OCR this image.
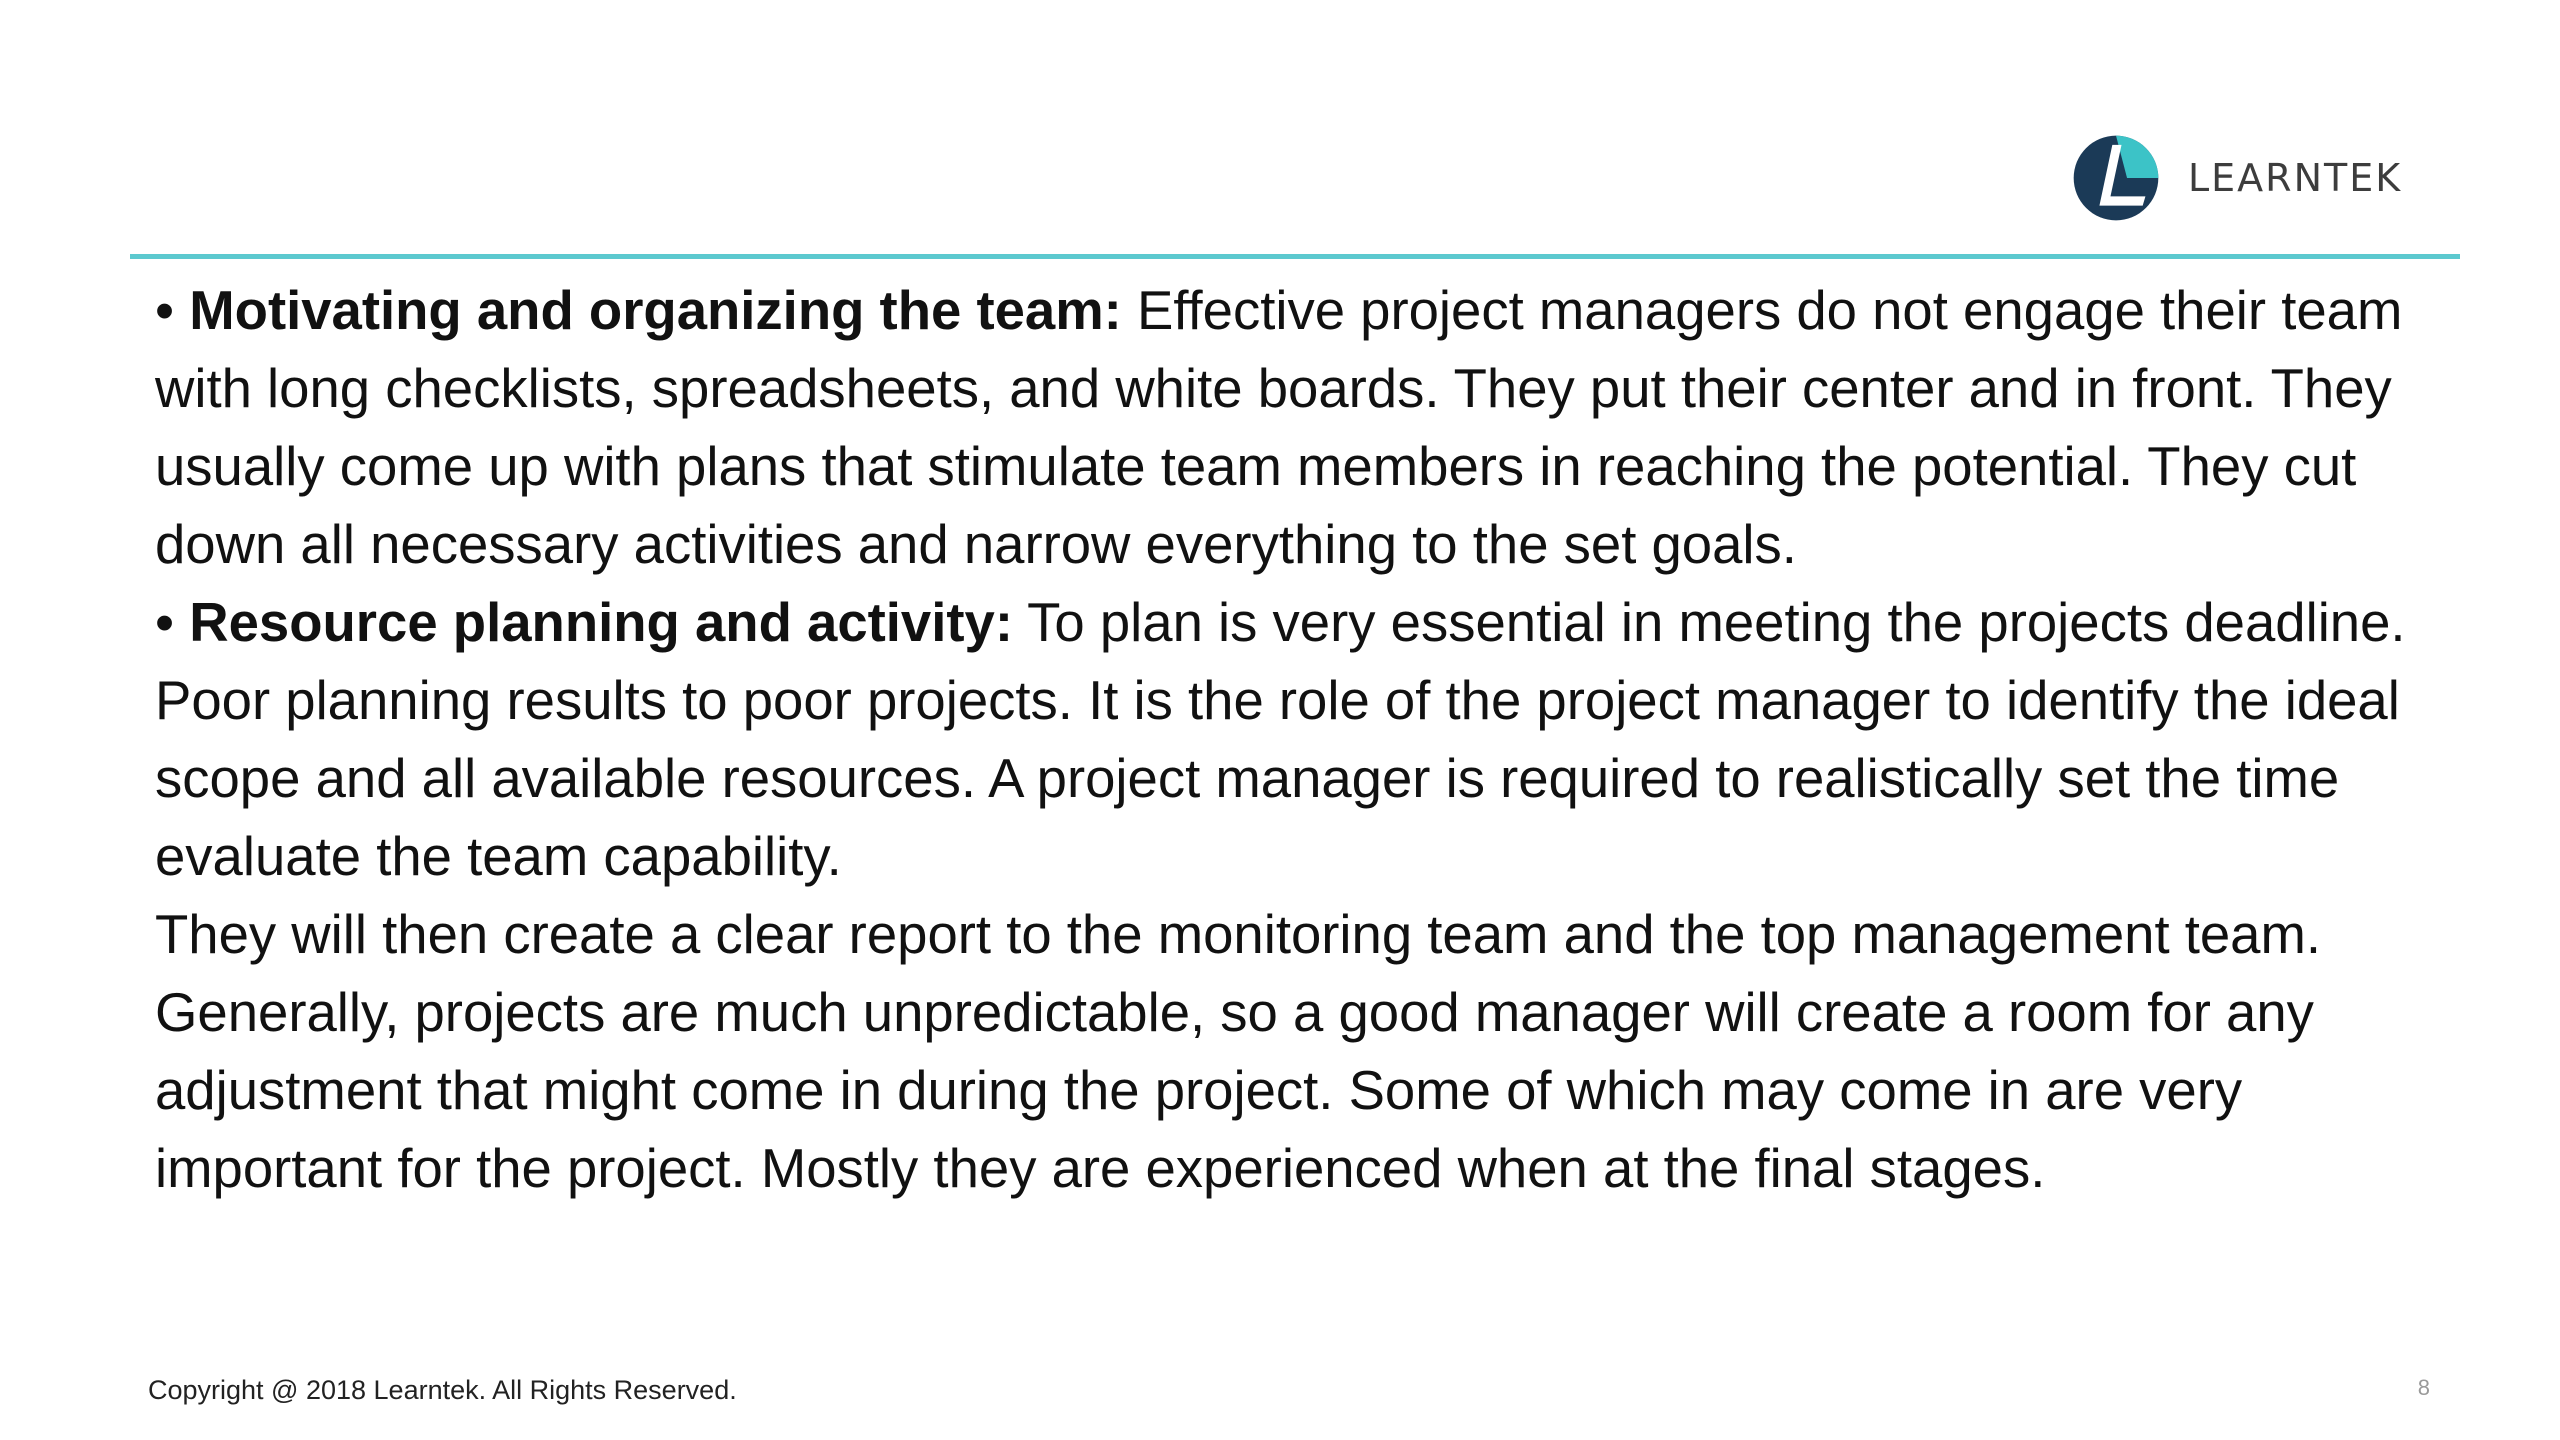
LEARNTEK

• Motivating and organizing the team: Effective project managers do not engage their team with long checklists, spreadsheets, and white boards. They put their center and in front. They usually come up with plans that stimulate team members in reaching the potential. They cut down all necessary activities and narrow everything to the set goals.

• Resource planning and activity: To plan is very essential in meeting the projects deadline. Poor planning results to poor projects. It is the role of the project manager to identify the ideal scope and all available resources. A project manager is required to realistically set the time evaluate the team capability.

They will then create a clear report to the monitoring team and the top management team. Generally, projects are much unpredictable, so a good manager will create a room for any adjustment that might come in during the project. Some of which may come in are very important for the project. Mostly they are experienced when at the final stages.

Copyright @ 2018 Learntek. All Rights Reserved.	8
